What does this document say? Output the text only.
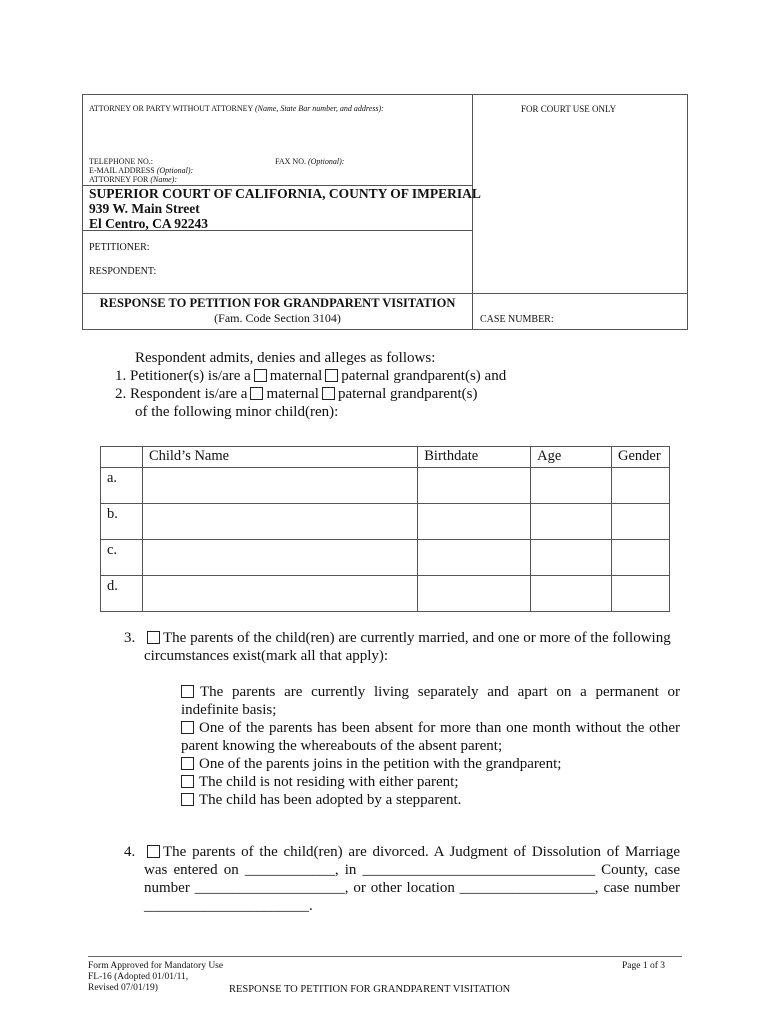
ATTORNEY OR PARTY WITHOUT ATTORNEY (Name, State Bar number, and address):	FOR COURT USE ONLY
TELEPHONE NO.:	FAX NO. (Optional):
E-MAIL ADDRESS (Optional):
ATTORNEY FOR (Name):
SUPERIOR COURT OF CALIFORNIA, COUNTY OF IMPERIAL
939 W. Main Street
El Centro, CA 92243
PETITIONER:
RESPONDENT:
RESPONSE TO PETITION FOR GRANDPARENT VISITATION
(Fam. Code Section 3104)	CASE NUMBER:
Respondent admits, denies and alleges as follows:
1. Petitioner(s) is/are a maternal paternal grandparent(s) and
2. Respondent is/are a maternal paternal grandparent(s)
of the following minor child(ren):
	Child’s Name	Birthdate	Age	Gender
a.				
b.				
c.				
d.				
3.	The parents of the child(ren) are currently married, and one or more of the following circumstances exist(mark all that apply):
The parents are currently living separately and apart on a permanent or indefinite basis;
One of the parents has been absent for more than one month without the other parent knowing the whereabouts of the absent parent;
One of the parents joins in the petition with the grandparent;
The child is not residing with either parent;
The child has been adopted by a stepparent.
4.	The parents of the child(ren) are divorced. A Judgment of Dissolution of Marriage was entered on ____________, in _______________________________ County, case number ____________________, or other location __________________, case number ______________________.
Form Approved for Mandatory Use
FL-16 (Adopted 01/01/11,
Revised 07/01/19)	RESPONSE TO PETITION FOR GRANDPARENT VISITATION
Page 1 of 3
